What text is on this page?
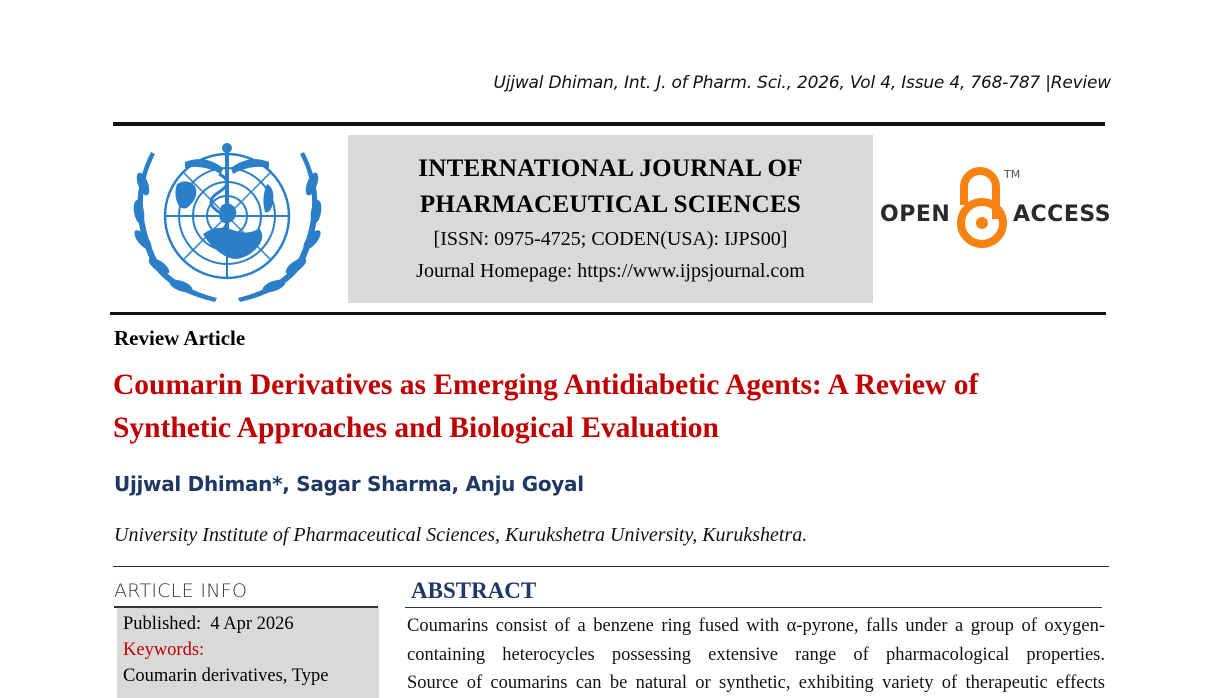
Ujjwal Dhiman, Int. J. of Pharm. Sci., 2026, Vol 4, Issue 4, 768-787 |Review
INTERNATIONAL JOURNAL OF
PHARMACEUTICAL SCIENCES
[ISSN: 0975-4725; CODEN(USA): IJPS00]
Journal Homepage: https://www.ijpsjournal.com
OPEN
TM
ACCESS
Review Article
Coumarin Derivatives as Emerging Antidiabetic Agents: A Review of
Synthetic Approaches and Biological Evaluation
Ujjwal Dhiman*, Sagar Sharma, Anju Goyal
University Institute of Pharmaceutical Sciences, Kurukshetra University, Kurukshetra.
ARTICLE INFO
Published: 4 Apr 2026
Keywords:
Coumarin derivatives, Type
ABSTRACT
Coumarins consist of a benzene ring fused with α-pyrone, falls under a group of oxygen-
containing heterocycles possessing extensive range of pharmacological properties.
Source of coumarins can be natural or synthetic, exhibiting variety of therapeutic effects
